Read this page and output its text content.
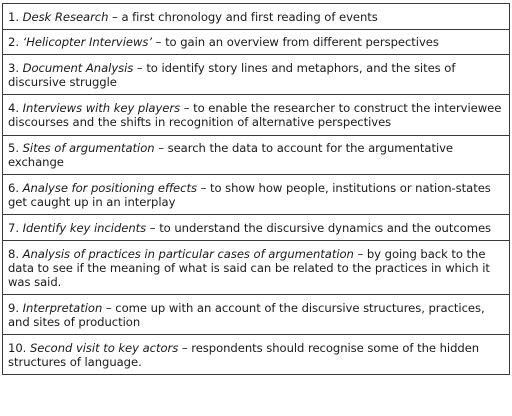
1. Desk Research – a first chronology and first reading of events
2. ‘Helicopter Interviews’ – to gain an overview from different perspectives
3. Document Analysis – to identify story lines and metaphors, and the sites of discursive struggle
4. Interviews with key players – to enable the researcher to construct the interviewee discourses and the shifts in recognition of alternative perspectives
5. Sites of argumentation – search the data to account for the argumentative exchange
6. Analyse for positioning effects – to show how people, institutions or nation-states get caught up in an interplay
7. Identify key incidents – to understand the discursive dynamics and the outcomes
8. Analysis of practices in particular cases of argumentation – by going back to the data to see if the meaning of what is said can be related to the practices in which it was said.
9. Interpretation – come up with an account of the discursive structures, practices, and sites of production
10. Second visit to key actors – respondents should recognise some of the hidden structures of language.
